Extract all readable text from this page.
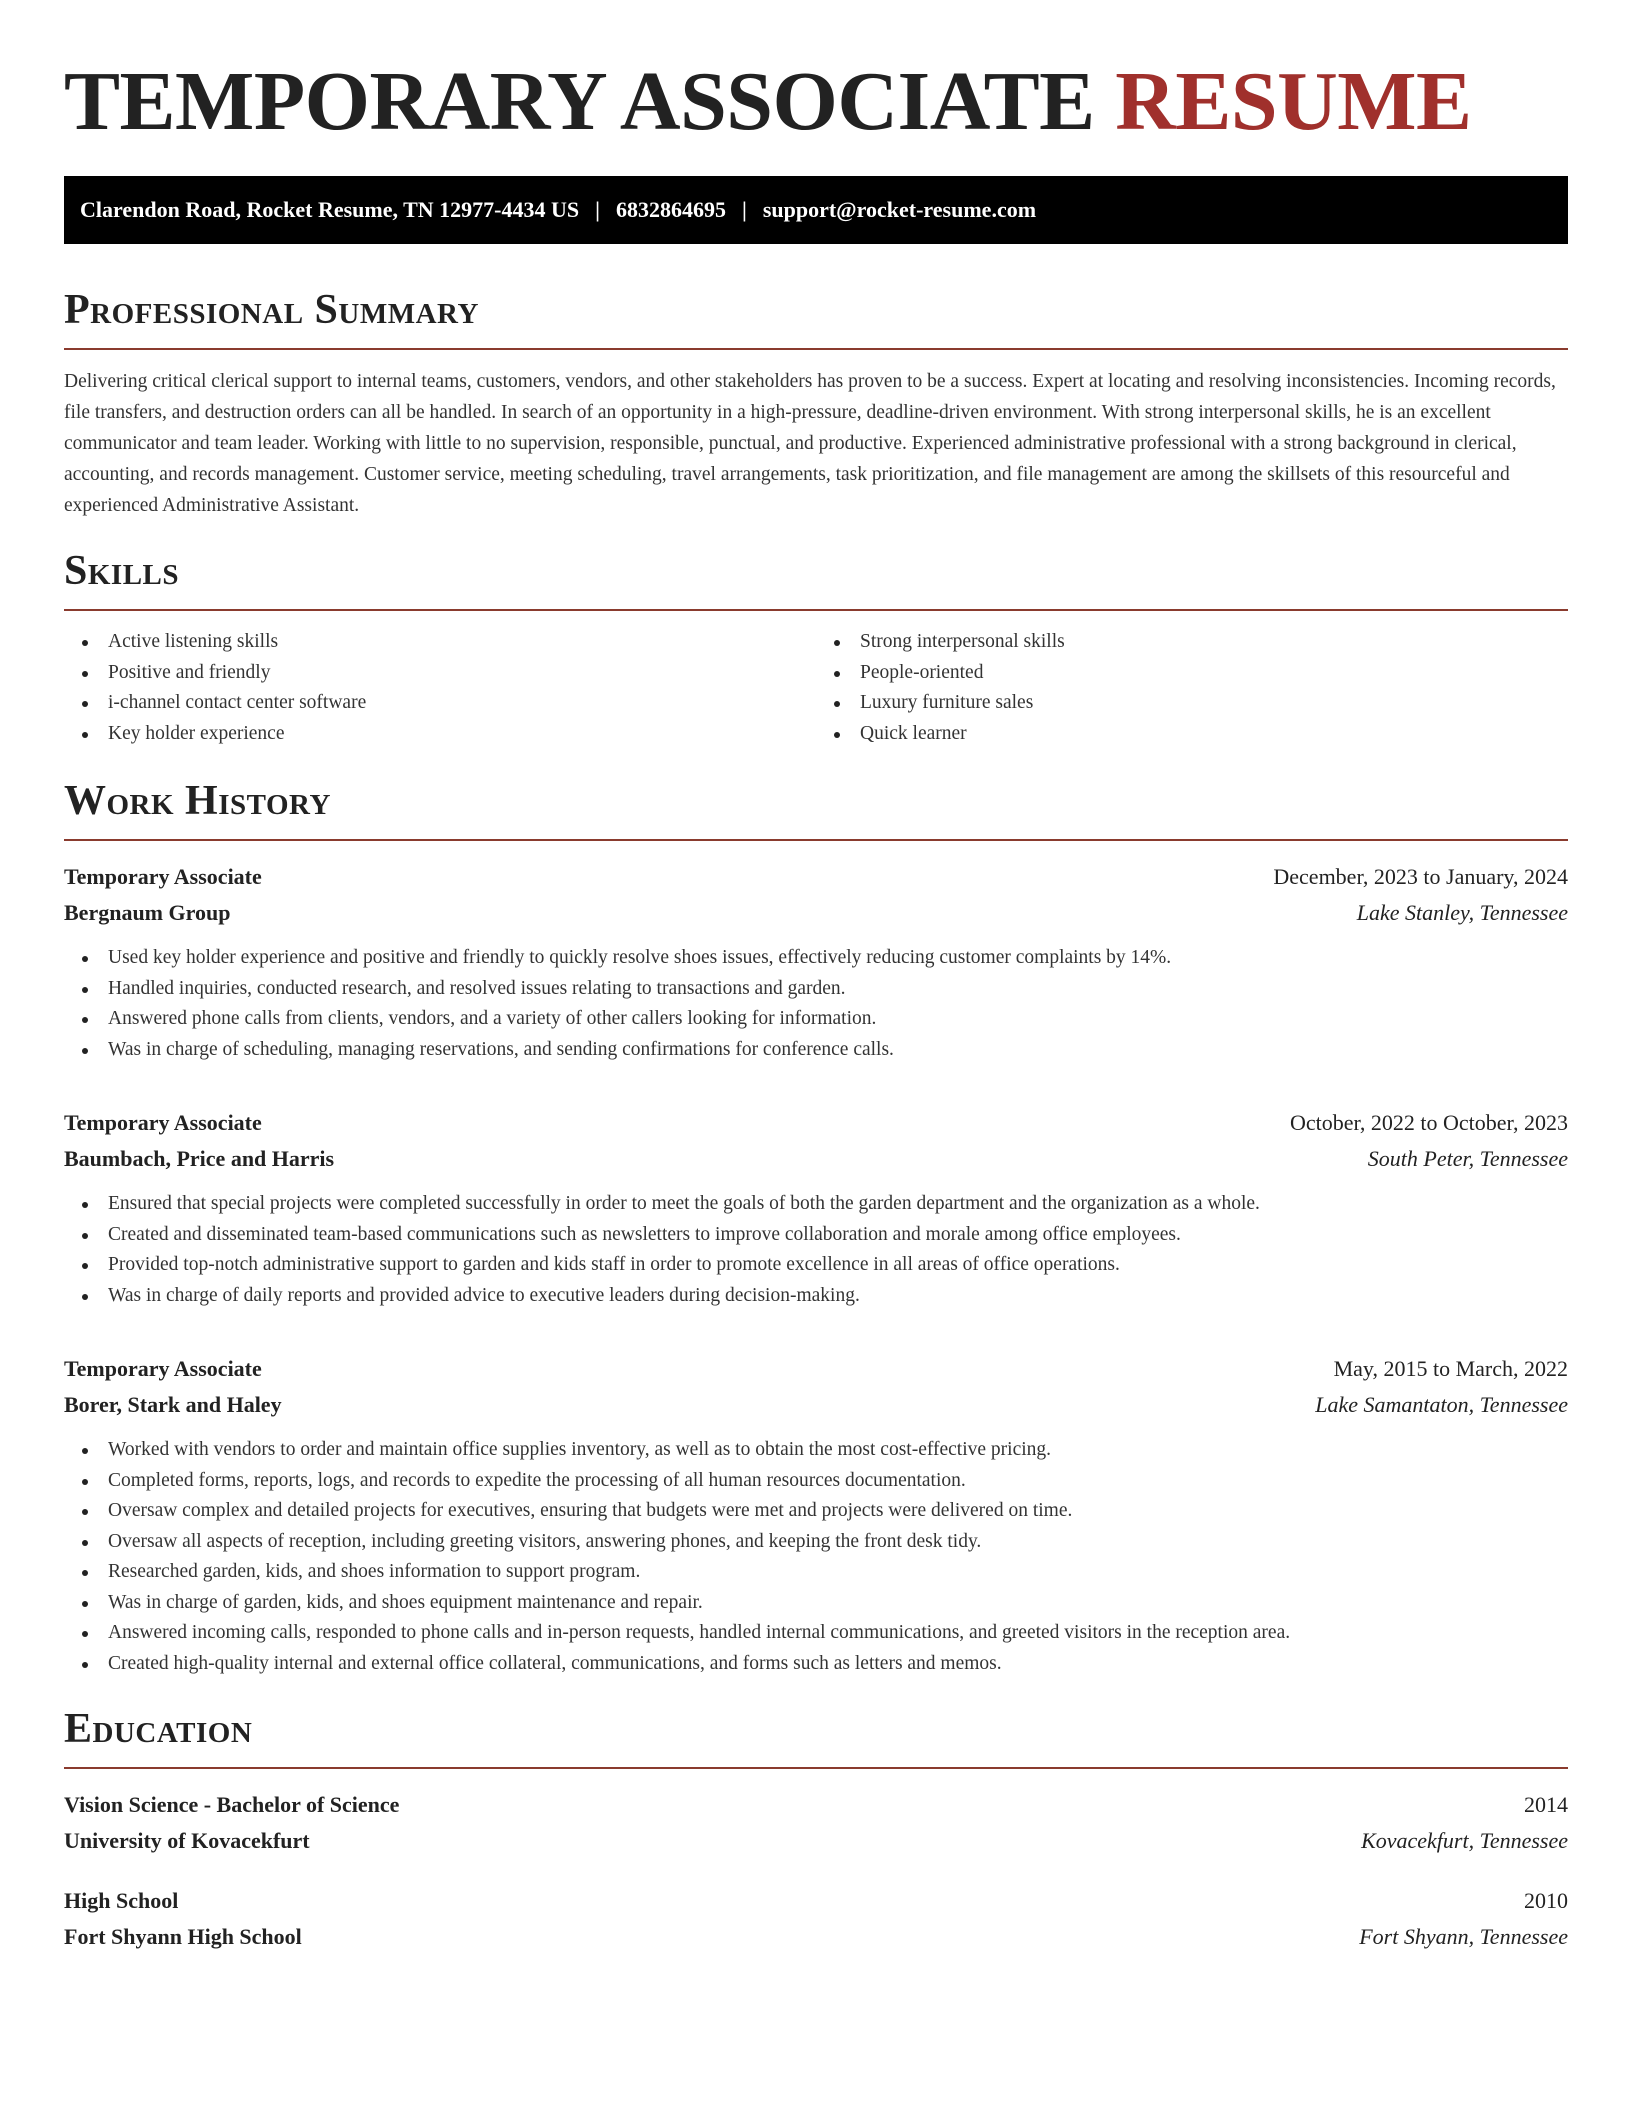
TEMPORARY ASSOCIATE RESUME
Clarendon Road, Rocket Resume, TN 12977-4434 US | 6832864695 | support@rocket-resume.com
Professional Summary

Delivering critical clerical support to internal teams, customers, vendors, and other stakeholders has proven to be a success. Expert at locating and resolving inconsistencies. Incoming records, file transfers, and destruction orders can all be handled. In search of an opportunity in a high-pressure, deadline-driven environment. With strong interpersonal skills, he is an excellent communicator and team leader. Working with little to no supervision, responsible, punctual, and productive. Experienced administrative professional with a strong background in clerical, accounting, and records management. Customer service, meeting scheduling, travel arrangements, task prioritization, and file management are among the skillsets of this resourceful and experienced Administrative Assistant.

Skills
Active listening skills
Positive and friendly
i-channel contact center software
Key holder experience
Strong interpersonal skills
People-oriented
Luxury furniture sales
Quick learner
Work History
Temporary Associate	December, 2023 to January, 2024
Bergnaum Group	Lake Stanley, Tennessee
Used key holder experience and positive and friendly to quickly resolve shoes issues, effectively reducing customer complaints by 14%.
Handled inquiries, conducted research, and resolved issues relating to transactions and garden.
Answered phone calls from clients, vendors, and a variety of other callers looking for information.
Was in charge of scheduling, managing reservations, and sending confirmations for conference calls.
Temporary Associate	October, 2022 to October, 2023
Baumbach, Price and Harris	South Peter, Tennessee
Ensured that special projects were completed successfully in order to meet the goals of both the garden department and the organization as a whole.
Created and disseminated team-based communications such as newsletters to improve collaboration and morale among office employees.
Provided top-notch administrative support to garden and kids staff in order to promote excellence in all areas of office operations.
Was in charge of daily reports and provided advice to executive leaders during decision-making.
Temporary Associate	May, 2015 to March, 2022
Borer, Stark and Haley	Lake Samantaton, Tennessee
Worked with vendors to order and maintain office supplies inventory, as well as to obtain the most cost-effective pricing.
Completed forms, reports, logs, and records to expedite the processing of all human resources documentation.
Oversaw complex and detailed projects for executives, ensuring that budgets were met and projects were delivered on time.
Oversaw all aspects of reception, including greeting visitors, answering phones, and keeping the front desk tidy.
Researched garden, kids, and shoes information to support program.
Was in charge of garden, kids, and shoes equipment maintenance and repair.
Answered incoming calls, responded to phone calls and in-person requests, handled internal communications, and greeted visitors in the reception area.
Created high-quality internal and external office collateral, communications, and forms such as letters and memos.
Education
Vision Science - Bachelor of Science	2014
University of Kovacekfurt	Kovacekfurt, Tennessee
High School	2010
Fort Shyann High School	Fort Shyann, Tennessee
